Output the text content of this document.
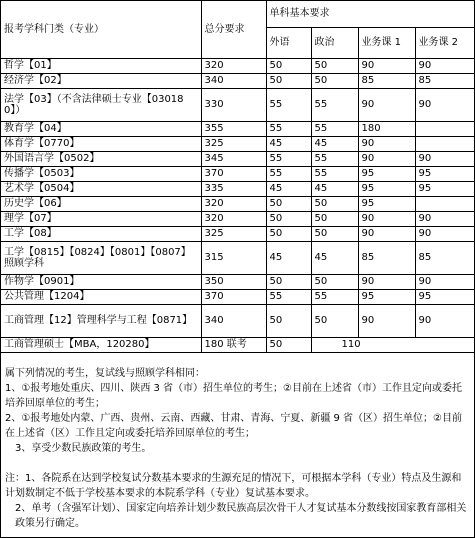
报考学科门类（专业）	总分要求	单科基本要求			
		外语	政治	业务课 1	业务课 2
哲学【01】	320	50	50	90	90
经济学【02】	340	50	50	85	85
法学【03】（不含法律硕士专业【030180】）	330	55	55	90	90
教育学【04】	355	55	55	180	
体育学【0770】	325	45	45	90	
外国语言学【0502】	345	55	55	90	90
传播学【0503】	370	55	55	95	95
艺术学【0504】	335	45	45	95	95
历史学【06】	320	50	50	95	
理学【07】	320	50	50	90	90
工学【08】	325	50	50	90	90
工学【0815】【0824】【0801】【0807】照顾学科	315	45	45	85	85
作物学【0901】	350	50	50	90	90
公共管理【1204】	370	55	55	95	95
工商管理【12】管理科学与工程【0871】	340	50	50	90	90
工商管理硕士【MBA，120280】	180 联考	50	110		

属下列情况的考生，复试线与照顾学科相同：

1、①报考地处重庆、四川、陕西 3 省（市）招生单位的考生；②目前在上述省（市）工作且定向或委托培养回原单位的考生；

2、①报考地处内蒙、广西、贵州、云南、西藏、甘肃、青海、宁夏、新疆 9 省（区）招生单位；②目前在上述省（区）工作且定向或委托培养回原单位的考生；

3、享受少数民族政策的考生。

注：1、各院系在达到学校复试分数基本要求的生源充足的情况下，可根据本学科（专业）特点及生源和计划数制定不低于学校基本要求的本院系学科（专业）复试基本要求。

2、单考（含强军计划）、国家定向培养计划少数民族高层次骨干人才复试基本分数线按国家教育部相关政策另行确定。
